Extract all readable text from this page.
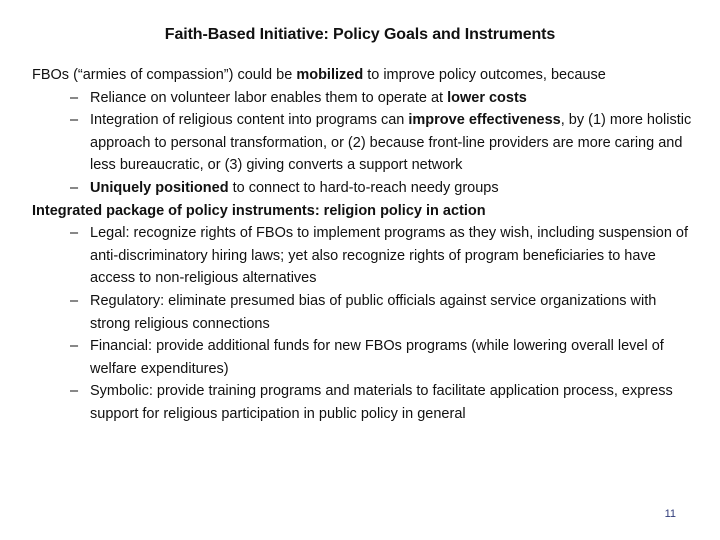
Faith-Based Initiative: Policy Goals and Instruments

FBOs (“armies of compassion”) could be mobilized to improve policy outcomes, because

– Reliance on volunteer labor enables them to operate at lower costs

– Integration of religious content into programs can improve effectiveness, by (1) more holistic approach to personal transformation, or (2) because front-line providers are more caring and less bureaucratic, or (3) giving converts a support network

– Uniquely positioned to connect to hard-to-reach needy groups

Integrated package of policy instruments: religion policy in action

– Legal: recognize rights of FBOs to implement programs as they wish, including suspension of anti-discriminatory hiring laws; yet also recognize rights of program beneficiaries to have access to non-religious alternatives

– Regulatory: eliminate presumed bias of public officials against service organizations with strong religious connections

– Financial: provide additional funds for new FBOs programs (while lowering overall level of welfare expenditures)

– Symbolic: provide training programs and materials to facilitate application process, express support for religious participation in public policy in general

11
